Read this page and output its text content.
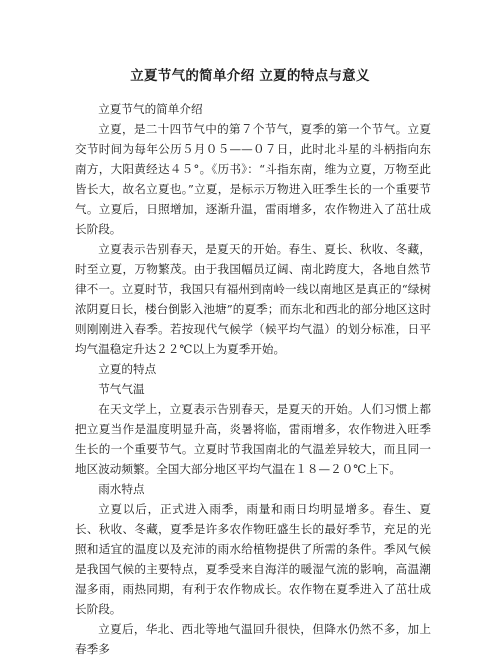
立夏节气的简单介绍 立夏的特点与意义

立夏节气的简单介绍

立夏，是二十四节气中的第７个节气，夏季的第一个节气。立夏交节时间为每年公历５月０５——０７日，此时北斗星的斗柄指向东南方，大阳黄经达４５°。《历书》：“斗指东南，维为立夏，万物至此皆长大，故名立夏也。”立夏，是标示万物进入旺季生长的一个重要节气。立夏后，日照增加，逐渐升温，雷雨增多，农作物进入了茁壮成长阶段。

立夏表示告别春天，是夏天的开始。春生、夏长、秋收、冬藏，时至立夏，万物繁茂。由于我国幅员辽阔、南北跨度大，各地自然节律不一。立夏时节，我国只有福州到南岭一线以南地区是真正的“绿树浓阴夏日长，楼台倒影入池塘”的夏季；而东北和西北的部分地区这时则刚刚进入春季。若按现代气候学（候平均气温）的划分标准，日平均气温稳定升达２２℃以上为夏季开始。

立夏的特点

节气气温

在天文学上，立夏表示告别春天，是夏天的开始。人们习惯上都把立夏当作是温度明显升高，炎暑将临，雷雨增多，农作物进入旺季生长的一个重要节气。立夏时节我国南北的气温差异较大，而且同一地区波动频繁。全国大部分地区平均气温在１８—２０℃上下。

雨水特点

立夏以后，正式进入雨季，雨量和雨日均明显增多。春生、夏长、秋收、冬藏，夏季是许多农作物旺盛生长的最好季节，充足的光照和适宜的温度以及充沛的雨水给植物提供了所需的条件。季风气候是我国气候的主要特点，夏季受来自海洋的暖湿气流的影响，高温潮湿多雨，雨热同期，有利于农作物成长。农作物在夏季进入了茁壮成长阶段。

立夏后，华北、西北等地气温回升很快，但降水仍然不多，加上春季多
